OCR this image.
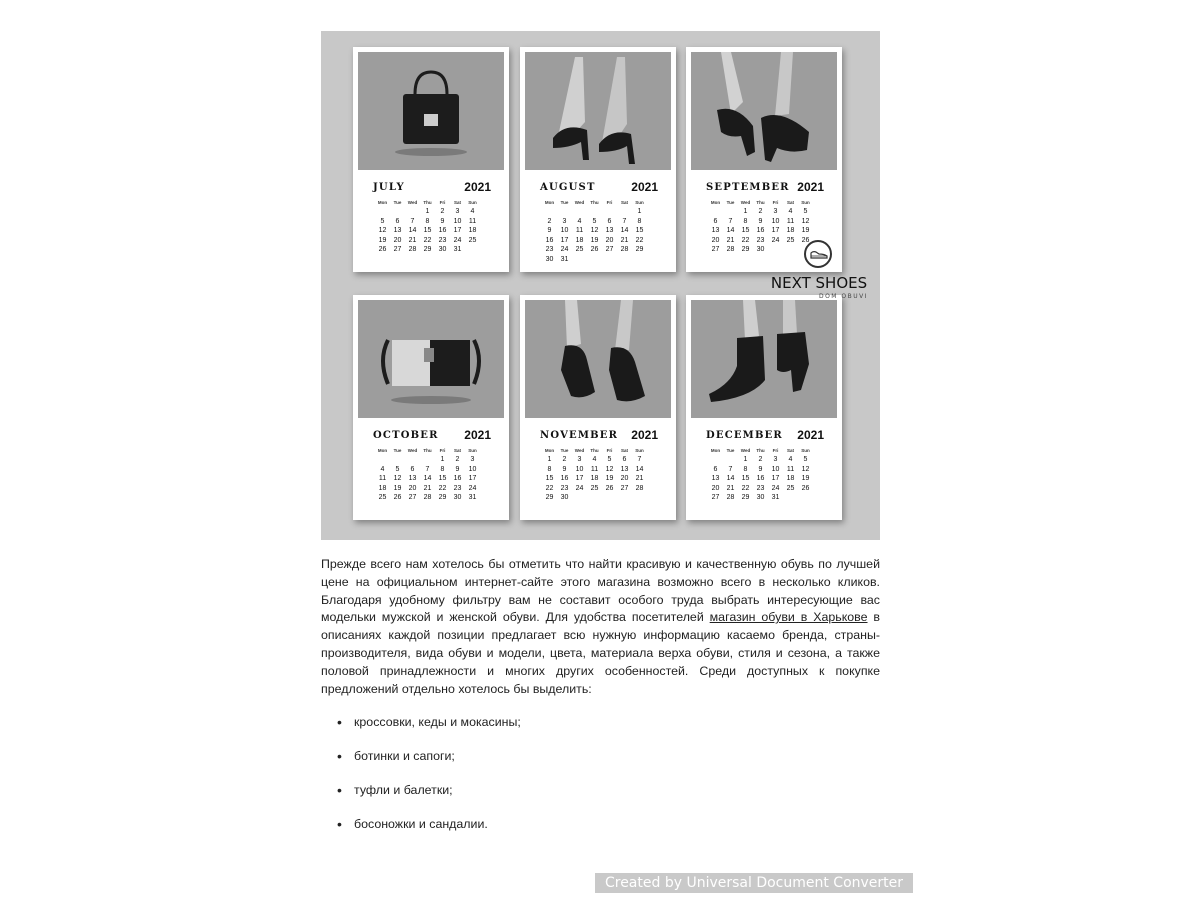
JULY	2021
Mon	Tue	Wed	Thu	Fri	Sat	Sun
			1	2	3	4
5	6	7	8	9	10	11
12	13	14	15	16	17	18
19	20	21	22	23	24	25
26	27	28	29	30	31	
AUGUST	2021
Mon	Tue	Wed	Thu	Fri	Sat	Sun
						1
2	3	4	5	6	7	8
9	10	11	12	13	14	15
16	17	18	19	20	21	22
23	24	25	26	27	28	29
30	31					
SEPTEMBER 2021
Mon	Tue	Wed	Thu	Fri	Sat	Sun
		1	2	3	4	5
6	7	8	9	10	11	12
13	14	15	16	17	18	19
20	21	22	23	24	25	26
27	28	29	30			
OCTOBER 2021
Mon	Tue	Wed	Thu	Fri	Sat	Sun
				1	2	3
4	5	6	7	8	9	10
11	12	13	14	15	16	17
18	19	20	21	22	23	24
25	26	27	28	29	30	31
NOVEMBER 2021
Mon	Tue	Wed	Thu	Fri	Sat	Sun
1	2	3	4	5	6	7
8	9	10	11	12	13	14
15	16	17	18	19	20	21
22	23	24	25	26	27	28
29	30					
DECEMBER 2021
Mon	Tue	Wed	Thu	Fri	Sat	Sun
		1	2	3	4	5
6	7	8	9	10	11	12
13	14	15	16	17	18	19
20	21	22	23	24	25	26
27	28	29	30	31		
NEXT SHOES
DOM OBUVI
Прежде всего нам хотелось бы отметить что найти красивую и качественную обувь по лучшей цене на официальном интернет-сайте этого магазина возможно всего в несколько кликов. Благодаря удобному фильтру вам не составит особого труда выбрать интересующие вас модельки мужской и женской обуви. Для удобства посетителей магазин обуви в Харькове в описаниях каждой позиции предлагает всю нужную информацию касаемо бренда, страны-производителя, вида обуви и модели, цвета, материала верха обуви, стиля и сезона, а также половой принадлежности и многих других особенностей. Среди доступных к покупке предложений отдельно хотелось бы выделить:
• кроссовки, кеды и мокасины;
• ботинки и сапоги;
• туфли и балетки;
• босоножки и сандалии.
Created by Universal Document Converter
